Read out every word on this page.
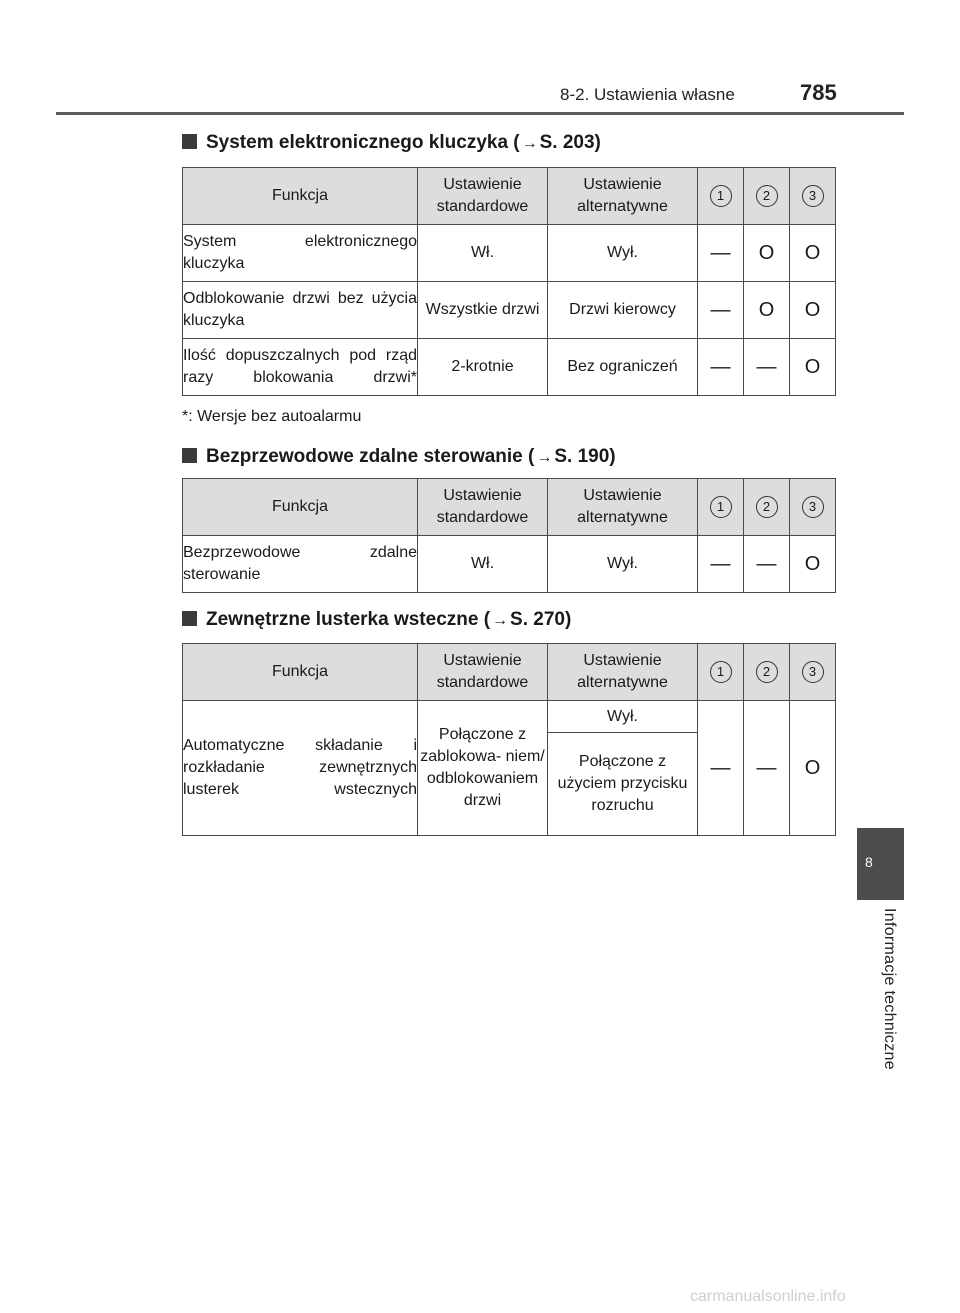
8-2. Ustawienia własne	785
8
Informacje techniczne
System elektronicznego kluczyka ( → S. 203)
Funkcja	Ustawienie standardowe	Ustawienie alternatywne	1	2	3
System elektronicznego kluczyka	Wł.	Wył.	—	O	O
Odblokowanie drzwi bez użycia kluczyka	Wszystkie drzwi	Drzwi kierowcy	—	O	O
Ilość dopuszczalnych pod rząd razy blokowania drzwi*	2-krotnie	Bez ograniczeń	—	—	O
*: Wersje bez autoalarmu
Bezprzewodowe zdalne sterowanie ( → S. 190)
Funkcja	Ustawienie standardowe	Ustawienie alternatywne	1	2	3
Bezprzewodowe zdalne sterowanie	Wł.	Wył.	—	—	O
Zewnętrzne lusterka wsteczne ( → S. 270)
Funkcja	Ustawienie standardowe	Ustawienie alternatywne	1	2	3
Automatyczne składanie i rozkładanie zewnętrznych lusterek wstecznych	Połączone z zablokowa- niem/ odblokowaniem drzwi	Wył.	—	—	O
		Połączone z użyciem przycisku rozruchu			
carmanualsonline.info
